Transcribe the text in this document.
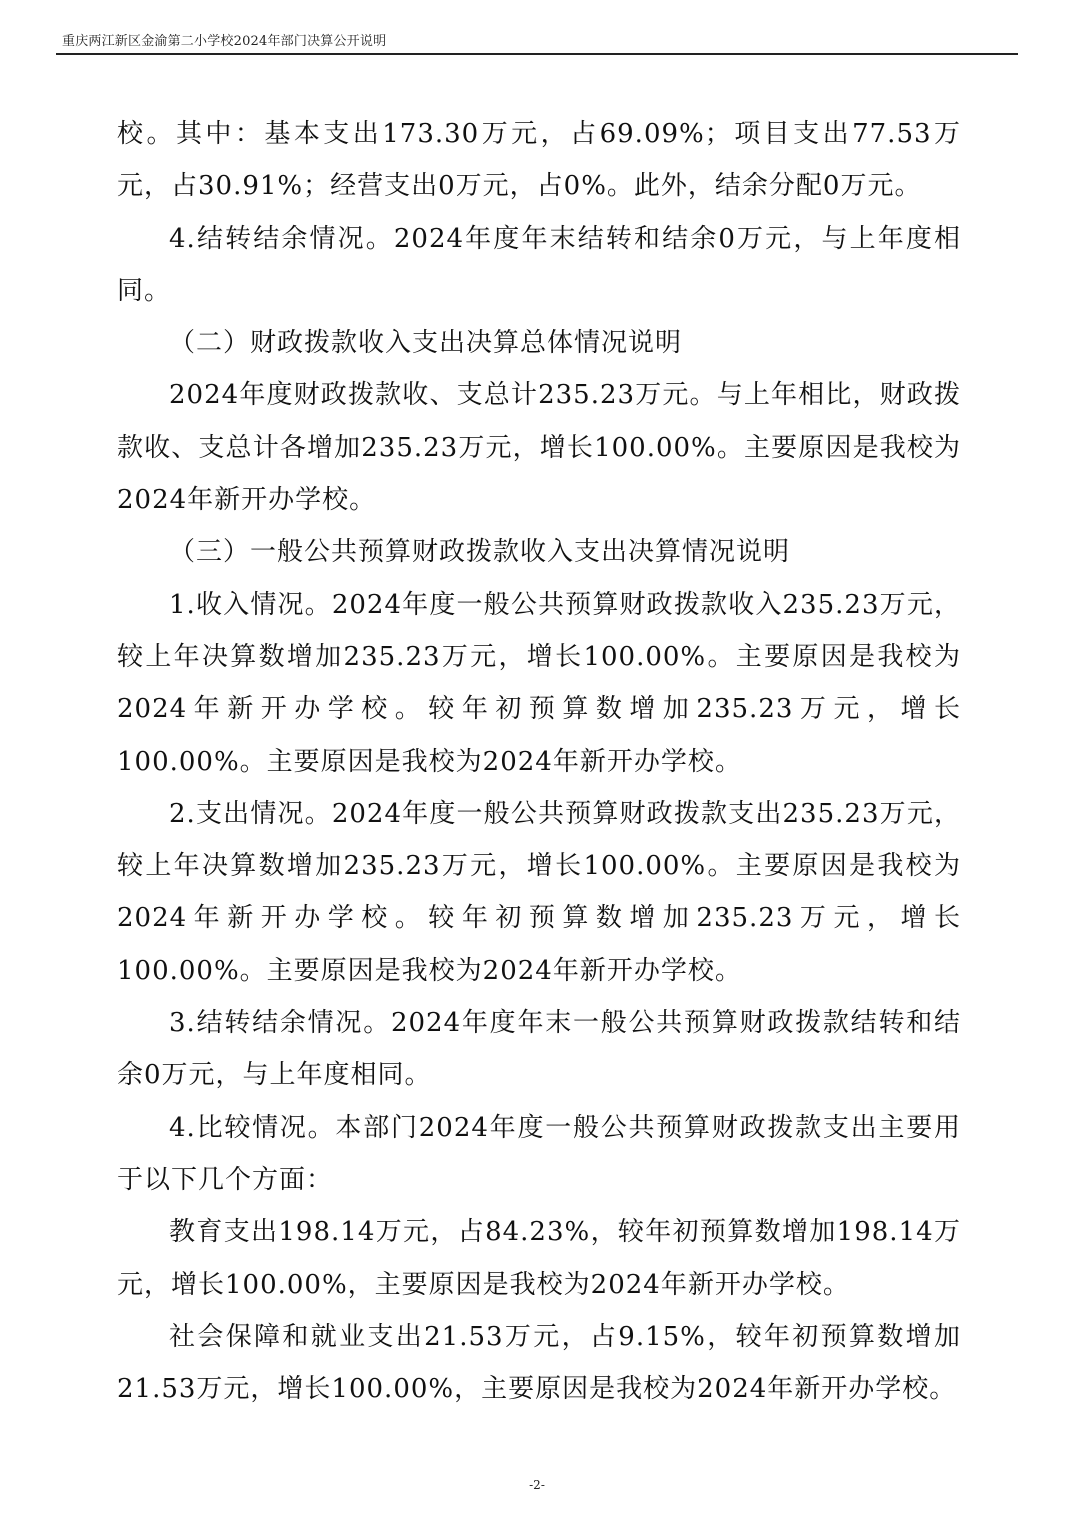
重庆两江新区金渝第二小学校2024年部门决算公开说明

校。其中：基本支出173.30万元，占69.09%；项目支出77.53万元，占30.91%；经营支出0万元，占0%。此外，结余分配0万元。

4.结转结余情况。2024年度年末结转和结余0万元，与上年度相同。

（二）财政拨款收入支出决算总体情况说明

2024年度财政拨款收、支总计235.23万元。与上年相比，财政拨款收、支总计各增加235.23万元，增长100.00%。主要原因是我校为2024年新开办学校。

（三）一般公共预算财政拨款收入支出决算情况说明

1.收入情况。2024年度一般公共预算财政拨款收入235.23万元，较上年决算数增加235.23万元，增长100.00%。主要原因是我校为2024年新开办学校。较年初预算数增加235.23万元，增长100.00%。主要原因是我校为2024年新开办学校。

2.支出情况。2024年度一般公共预算财政拨款支出235.23万元，较上年决算数增加235.23万元，增长100.00%。主要原因是我校为2024年新开办学校。较年初预算数增加235.23万元，增长100.00%。主要原因是我校为2024年新开办学校。

3.结转结余情况。2024年度年末一般公共预算财政拨款结转和结余0万元，与上年度相同。

4.比较情况。本部门2024年度一般公共预算财政拨款支出主要用于以下几个方面：

教育支出198.14万元，占84.23%，较年初预算数增加198.14万元，增长100.00%，主要原因是我校为2024年新开办学校。

社会保障和就业支出21.53万元，占9.15%，较年初预算数增加21.53万元，增长100.00%，主要原因是我校为2024年新开办学校。

-2-
